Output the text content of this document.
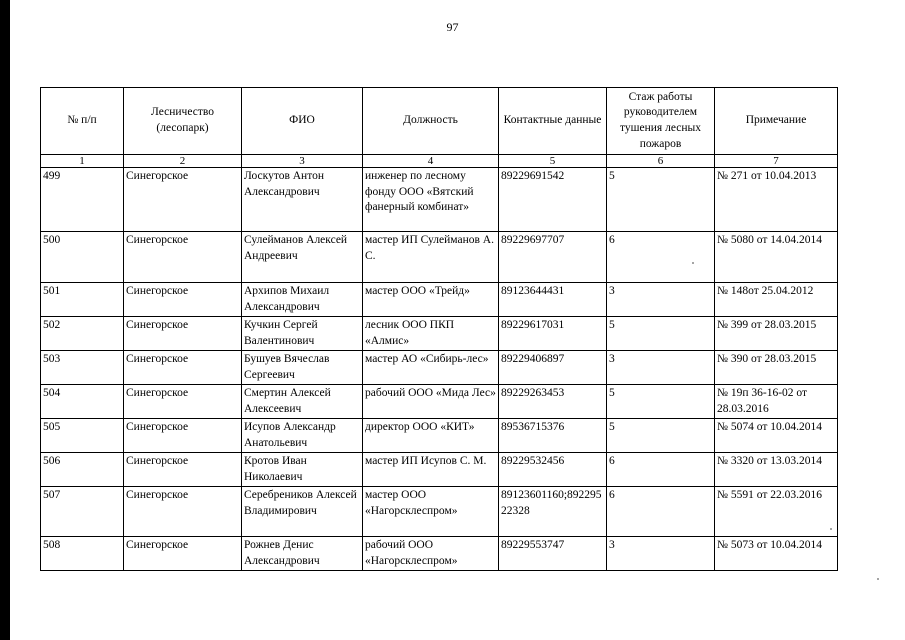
97
№ п/п	Лесничество (лесопарк)	ФИО	Должность	Контактные данные	Стаж работы руководителем тушения лесных пожаров	Примечание
1	2	3	4	5	6	7
499	Синегорское	Лоскутов Антон Александрович	инженер по лесному фонду ООО «Вятский фанерный комбинат»	89229691542	5	№ 271 от 10.04.2013
500	Синегорское	Сулейманов Алексей Андреевич	мастер ИП Сулейманов А. С.	89229697707	6	№ 5080 от 14.04.2014
501	Синегорское	Архипов Михаил Александрович	мастер ООО «Трейд»	89123644431	3	№ 148от 25.04.2012
502	Синегорское	Кучкин Сергей Валентинович	лесник ООО ПКП «Алмис»	89229617031	5	№ 399 от 28.03.2015
503	Синегорское	Бушуев Вячеслав Сергеевич	мастер АО «Сибирь-лес»	89229406897	3	№ 390 от 28.03.2015
504	Синегорское	Смертин Алексей Алексеевич	рабочий ООО «Мида Лес»	89229263453	5	№ 19п 36-16-02 от 28.03.2016
505	Синегорское	Исупов Александр Анатольевич	директор ООО «КИТ»	89536715376	5	№ 5074 от 10.04.2014
506	Синегорское	Кротов Иван Николаевич	мастер ИП Исупов С. М.	89229532456	6	№ 3320 от 13.03.2014
507	Синегорское	Серебреников Алексей Владимирович	мастер ООО «Нагорсклеспром»	89123601160;89229522328	6	№ 5591 от 22.03.2016
508	Синегорское	Рожнев Денис Александрович	рабочий ООО «Нагорсклеспром»	89229553747	3	№ 5073 от 10.04.2014
